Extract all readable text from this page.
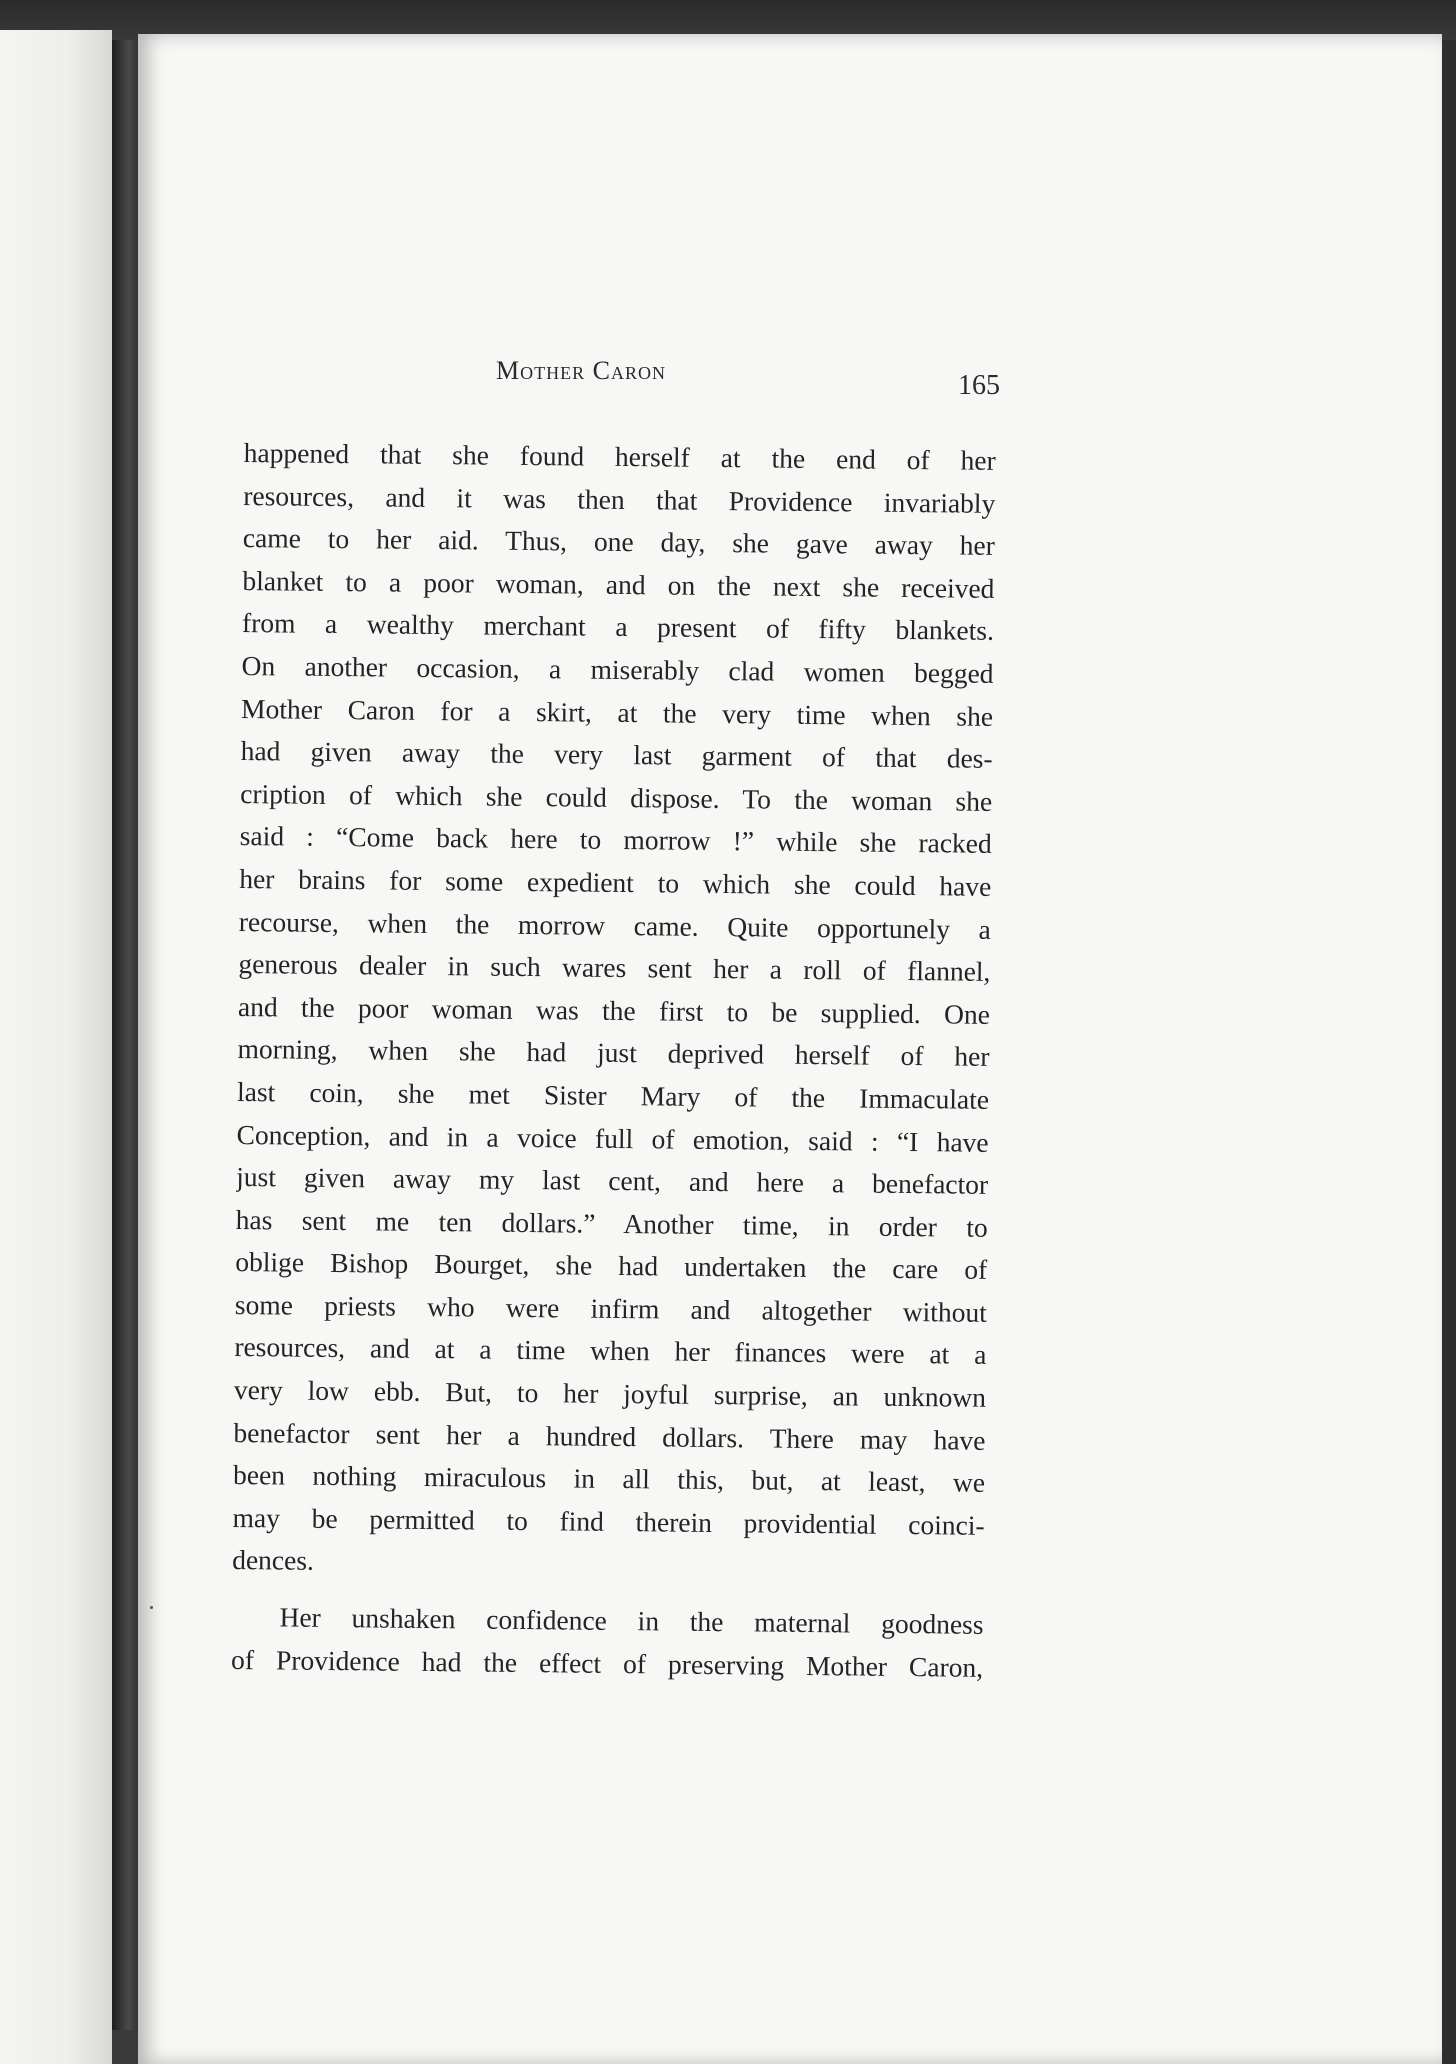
Mother Caron	165
happened that she found herself at the end of her
resources, and it was then that Providence invariably
came to her aid. Thus, one day, she gave away her
blanket to a poor woman, and on the next she received
from a wealthy merchant a present of fifty blankets.
On another occasion, a miserably clad women begged
Mother Caron for a skirt, at the very time when she
had given away the very last garment of that des-
cription of which she could dispose. To the woman she
said : “Come back here to morrow !” while she racked
her brains for some expedient to which she could have
recourse, when the morrow came. Quite opportunely a
generous dealer in such wares sent her a roll of flannel,
and the poor woman was the first to be supplied. One
morning, when she had just deprived herself of her
last coin, she met Sister Mary of the Immaculate
Conception, and in a voice full of emotion, said : “I have
just given away my last cent, and here a benefactor
has sent me ten dollars.” Another time, in order to
oblige Bishop Bourget, she had undertaken the care of
some priests who were infirm and altogether without
resources, and at a time when her finances were at a
very low ebb. But, to her joyful surprise, an unknown
benefactor sent her a hundred dollars. There may have
been nothing miraculous in all this, but, at least, we
may be permitted to find therein providential coinci-
dences.
Her unshaken confidence in the maternal goodness
of Providence had the effect of preserving Mother Caron,
